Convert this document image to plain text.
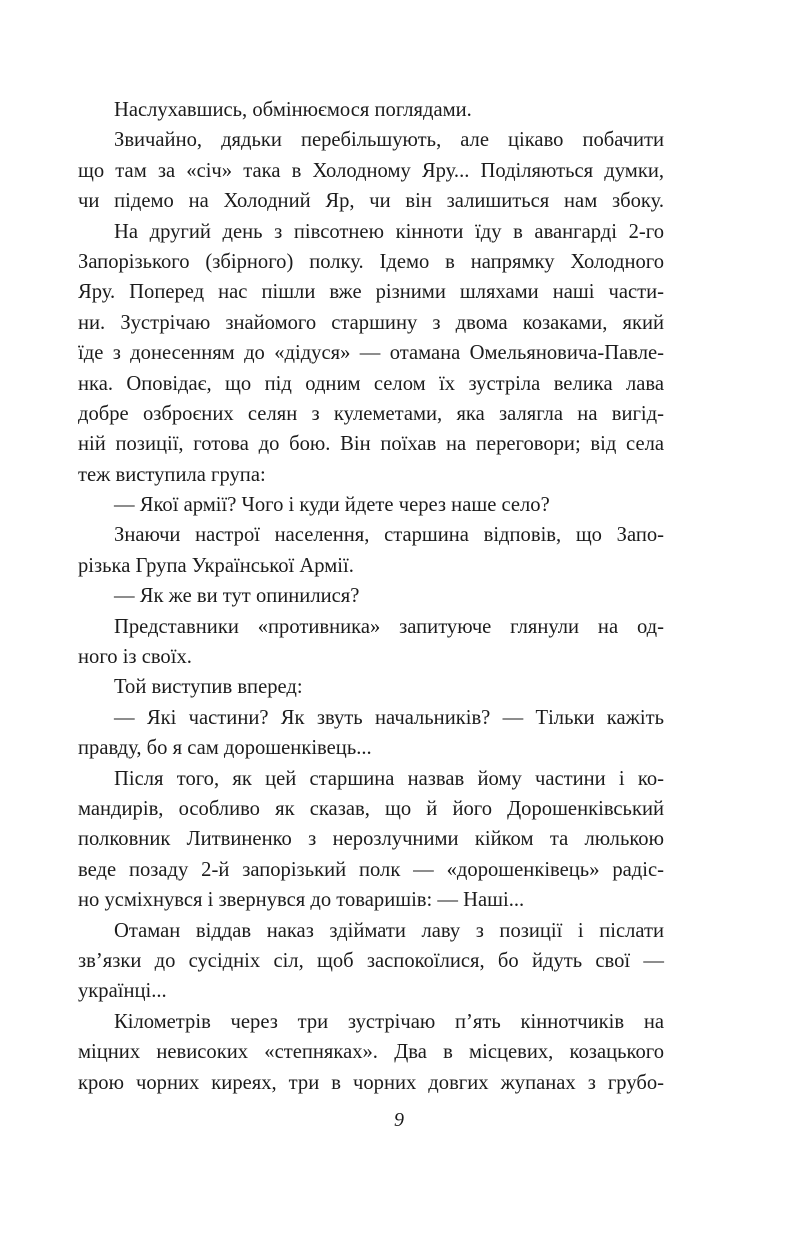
Наслухавшись, обмінюємося поглядами.
Звичайно, дядьки перебільшують, але цікаво побачити
що там за «січ» така в Холодному Яру... Поділяються думки,
чи підемо на Холодний Яр, чи він залишиться нам збоку.
На другий день з півсотнею кінноти їду в авангарді 2-го
Запорізького (збірного) полку. Ідемо в напрямку Холодного
Яру. Поперед нас пішли вже різними шляхами наші части-
ни. Зустрічаю знайомого старшину з двома козаками, який
їде з донесенням до «дідуся» — отамана Омельяновича-Павле-
нка. Оповідає, що під одним селом їх зустріла велика лава
добре озброєних селян з кулеметами, яка залягла на вигід-
ній позиції, готова до бою. Він поїхав на переговори; від села
теж виступила група:
— Якої армії? Чого і куди йдете через наше село?
Знаючи настрої населення, старшина відповів, що Запо-
різька Група Української Армії.
— Як же ви тут опинилися?
Представники «противника» запитуюче глянули на од-
ного із своїх.
Той виступив вперед:
— Які частини? Як звуть начальників? — Тільки кажіть
правду, бо я сам дорошенківець...
Після того, як цей старшина назвав йому частини і ко-
мандирів, особливо як сказав, що й його Дорошенківський
полковник Литвиненко з нерозлучними кійком та люлькою
веде позаду 2-й запорізький полк — «дорошенківець» радіс-
но усміхнувся і звернувся до товаришів: — Наші...
Отаман віддав наказ здіймати лаву з позиції і післати
зв’язки до сусідніх сіл, щоб заспокоїлися, бо йдуть свої —
українці...
Кілометрів через три зустрічаю п’ять кіннотчиків на
міцних невисоких «степняках». Два в місцевих, козацького
крою чорних киреях, три в чорних довгих жупанах з грубо-
9
